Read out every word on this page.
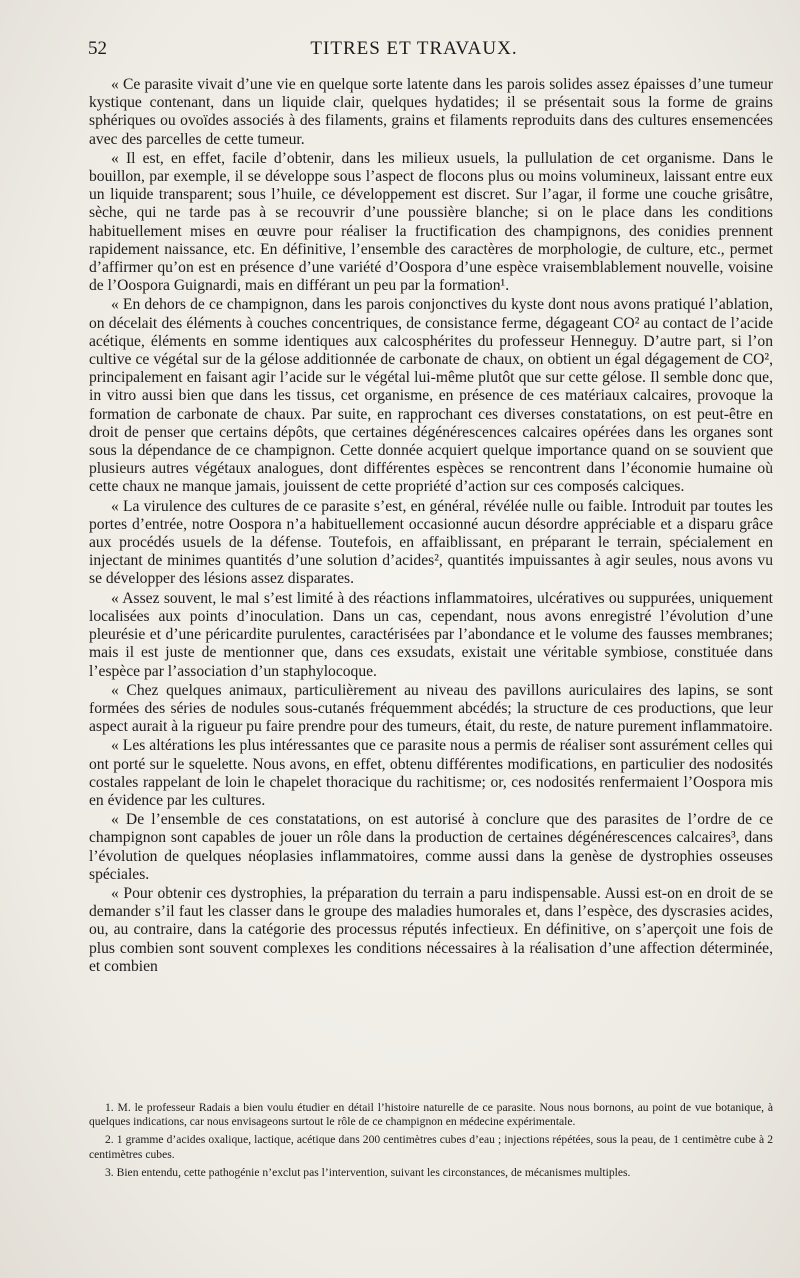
52	TITRES ET TRAVAUX.

« Ce parasite vivait d’une vie en quelque sorte latente dans les parois solides assez épaisses d’une tumeur kystique contenant, dans un liquide clair, quelques hydatides; il se présentait sous la forme de grains sphériques ou ovoïdes associés à des filaments, grains et filaments reproduits dans des cultures ensemencées avec des parcelles de cette tumeur.

« Il est, en effet, facile d’obtenir, dans les milieux usuels, la pullulation de cet organisme. Dans le bouillon, par exemple, il se développe sous l’aspect de flocons plus ou moins volumineux, laissant entre eux un liquide transparent; sous l’huile, ce développement est discret. Sur l’agar, il forme une couche grisâtre, sèche, qui ne tarde pas à se recouvrir d’une poussière blanche; si on le place dans les conditions habituellement mises en œuvre pour réaliser la fructification des champignons, des conidies prennent rapidement naissance, etc. En définitive, l’ensemble des caractères de morphologie, de culture, etc., permet d’affirmer qu’on est en présence d’une variété d’Oospora d’une espèce vraisemblablement nouvelle, voisine de l’Oospora Guignardi, mais en différant un peu par la formation¹.

« En dehors de ce champignon, dans les parois conjonctives du kyste dont nous avons pratiqué l’ablation, on décelait des éléments à couches concentriques, de consistance ferme, dégageant CO² au contact de l’acide acétique, éléments en somme identiques aux calcosphérites du professeur Henneguy. D’autre part, si l’on cultive ce végétal sur de la gélose additionnée de carbonate de chaux, on obtient un égal dégagement de CO², principalement en faisant agir l’acide sur le végétal lui-même plutôt que sur cette gélose. Il semble donc que, in vitro aussi bien que dans les tissus, cet organisme, en présence de ces matériaux calcaires, provoque la formation de carbonate de chaux. Par suite, en rapprochant ces diverses constatations, on est peut-être en droit de penser que certains dépôts, que certaines dégénérescences calcaires opérées dans les organes sont sous la dépendance de ce champignon. Cette donnée acquiert quelque importance quand on se souvient que plusieurs autres végétaux analogues, dont différentes espèces se rencontrent dans l’économie humaine où cette chaux ne manque jamais, jouissent de cette propriété d’action sur ces composés calciques.

« La virulence des cultures de ce parasite s’est, en général, révélée nulle ou faible. Introduit par toutes les portes d’entrée, notre Oospora n’a habituellement occasionné aucun désordre appréciable et a disparu grâce aux procédés usuels de la défense. Toutefois, en affaiblissant, en préparant le terrain, spécialement en injectant de minimes quantités d’une solution d’acides², quantités impuissantes à agir seules, nous avons vu se développer des lésions assez disparates.

« Assez souvent, le mal s’est limité à des réactions inflammatoires, ulcératives ou suppurées, uniquement localisées aux points d’inoculation. Dans un cas, cependant, nous avons enregistré l’évolution d’une pleurésie et d’une péricardite purulentes, caractérisées par l’abondance et le volume des fausses membranes; mais il est juste de mentionner que, dans ces exsudats, existait une véritable symbiose, constituée dans l’espèce par l’association d’un staphylocoque.

« Chez quelques animaux, particulièrement au niveau des pavillons auriculaires des lapins, se sont formées des séries de nodules sous-cutanés fréquemment abcédés; la structure de ces productions, que leur aspect aurait à la rigueur pu faire prendre pour des tumeurs, était, du reste, de nature purement inflammatoire.

« Les altérations les plus intéressantes que ce parasite nous a permis de réaliser sont assurément celles qui ont porté sur le squelette. Nous avons, en effet, obtenu différentes modifications, en particulier des nodosités costales rappelant de loin le chapelet thoracique du rachitisme; or, ces nodosités renfermaient l’Oospora mis en évidence par les cultures.

« De l’ensemble de ces constatations, on est autorisé à conclure que des parasites de l’ordre de ce champignon sont capables de jouer un rôle dans la production de certaines dégénérescences calcaires³, dans l’évolution de quelques néoplasies inflammatoires, comme aussi dans la genèse de dystrophies osseuses spéciales.

« Pour obtenir ces dystrophies, la préparation du terrain a paru indispensable. Aussi est-on en droit de se demander s’il faut les classer dans le groupe des maladies humorales et, dans l’espèce, des dyscrasies acides, ou, au contraire, dans la catégorie des processus réputés infectieux. En définitive, on s’aperçoit une fois de plus combien sont souvent complexes les conditions nécessaires à la réalisation d’une affection déterminée, et combien

1. M. le professeur Radais a bien voulu étudier en détail l’histoire naturelle de ce parasite. Nous nous bornons, au point de vue botanique, à quelques indications, car nous envisageons surtout le rôle de ce champignon en médecine expérimentale.

2. 1 gramme d’acides oxalique, lactique, acétique dans 200 centimètres cubes d’eau ; injections répétées, sous la peau, de 1 centimètre cube à 2 centimètres cubes.

3. Bien entendu, cette pathogénie n’exclut pas l’intervention, suivant les circonstances, de mécanismes multiples.
